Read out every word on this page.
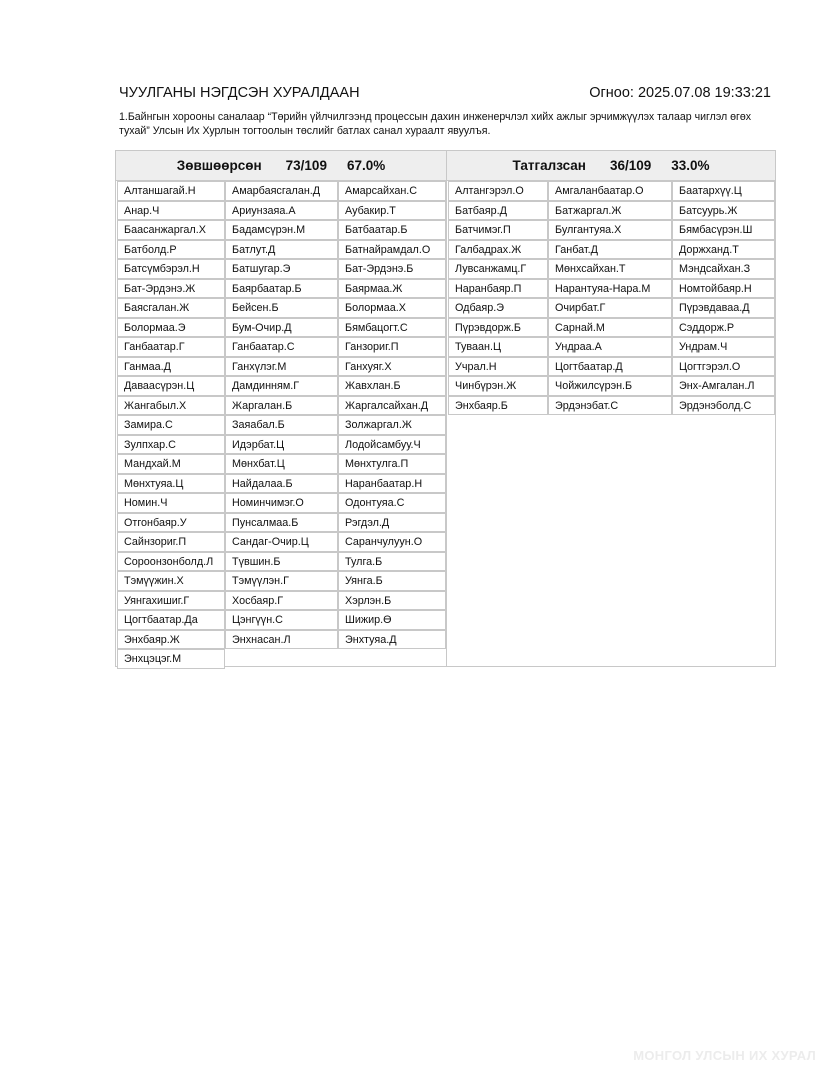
ЧУУЛГАНЫ НЭГДСЭН ХУРАЛДААН	Огноо: 2025.07.08 19:33:21
1.Байнгын хорооны саналаар “Төрийн үйлчилгээнд процессын дахин инженерчлэл хийх ажлыг эрчимжүүлэх талаар чиглэл өгөх тухай” Улсын Их Хурлын тогтоолын төслийг батлах санал хураалт явуулъя.
Зөвшөөрсөн 73/109 67.0%
Алтаншагай.Н	Амарбаясгалан.Д	Амарсайхан.С
Анар.Ч	Ариунзаяа.А	Аубакир.Т
Баасанжаргал.Х	Бадамсүрэн.М	Батбаатар.Б
Батболд.Р	Батлут.Д	Батнайрамдал.О
Батсүмбэрэл.Н	Батшугар.Э	Бат-Эрдэнэ.Б
Бат-Эрдэнэ.Ж	Баярбаатар.Б	Баярмаа.Ж
Баясгалан.Ж	Бейсен.Б	Болормаа.Х
Болормаа.Э	Бум-Очир.Д	Бямбацогт.С
Ганбаатар.Г	Ганбаатар.С	Ганзориг.П
Ганмаа.Д	Ганхүлэг.М	Ганхуяг.Х
Даваасүрэн.Ц	Дамдинням.Г	Жавхлан.Б
Жангабыл.Х	Жаргалан.Б	Жаргалсайхан.Д
Замира.С	Заяабал.Б	Золжаргал.Ж
Зулпхар.С	Идэрбат.Ц	Лодойсамбуу.Ч
Мандхай.М	Мөнхбат.Ц	Мөнхтулга.П
Мөнхтуяа.Ц	Найдалаа.Б	Наранбаатар.Н
Номин.Ч	Номинчимэг.О	Одонтуяа.С
Отгонбаяр.У	Пунсалмаа.Б	Рэгдэл.Д
Сайнзориг.П	Сандаг-Очир.Ц	Саранчулуун.О
Сороонзонболд.Л	Түвшин.Б	Тулга.Б
Тэмүүжин.Х	Тэмүүлэн.Г	Уянга.Б
Уянгахишиг.Г	Хосбаяр.Г	Хэрлэн.Б
Цогтбаатар.Да	Цэнгүүн.С	Шижир.Ө
Энхбаяр.Ж	Энхнасан.Л	Энхтуяа.Д
Энхцэцэг.М
Татгалзсан 36/109 33.0%
Алтангэрэл.О	Амгаланбаатар.О	Баатархүү.Ц
Батбаяр.Д	Батжаргал.Ж	Батсуурь.Ж
Батчимэг.П	Булгантуяа.Х	Бямбасүрэн.Ш
Галбадрах.Ж	Ганбат.Д	Доржханд.Т
Лувсанжамц.Г	Мөнхсайхан.Т	Мэндсайхан.З
Наранбаяр.П	Нарантуяа-Нара.М	Номтойбаяр.Н
Одбаяр.Э	Очирбат.Г	Пүрэвдаваа.Д
Пүрэвдорж.Б	Сарнай.М	Сэддорж.Р
Туваан.Ц	Ундраа.А	Ундрам.Ч
Учрал.Н	Цогтбаатар.Д	Цогтгэрэл.О
Чинбүрэн.Ж	Чойжилсүрэн.Б	Энх-Амгалан.Л
Энхбаяр.Б	Эрдэнэбат.С	Эрдэнэболд.С
МОНГОЛ УЛСЫН ИХ ХУРАЛ
